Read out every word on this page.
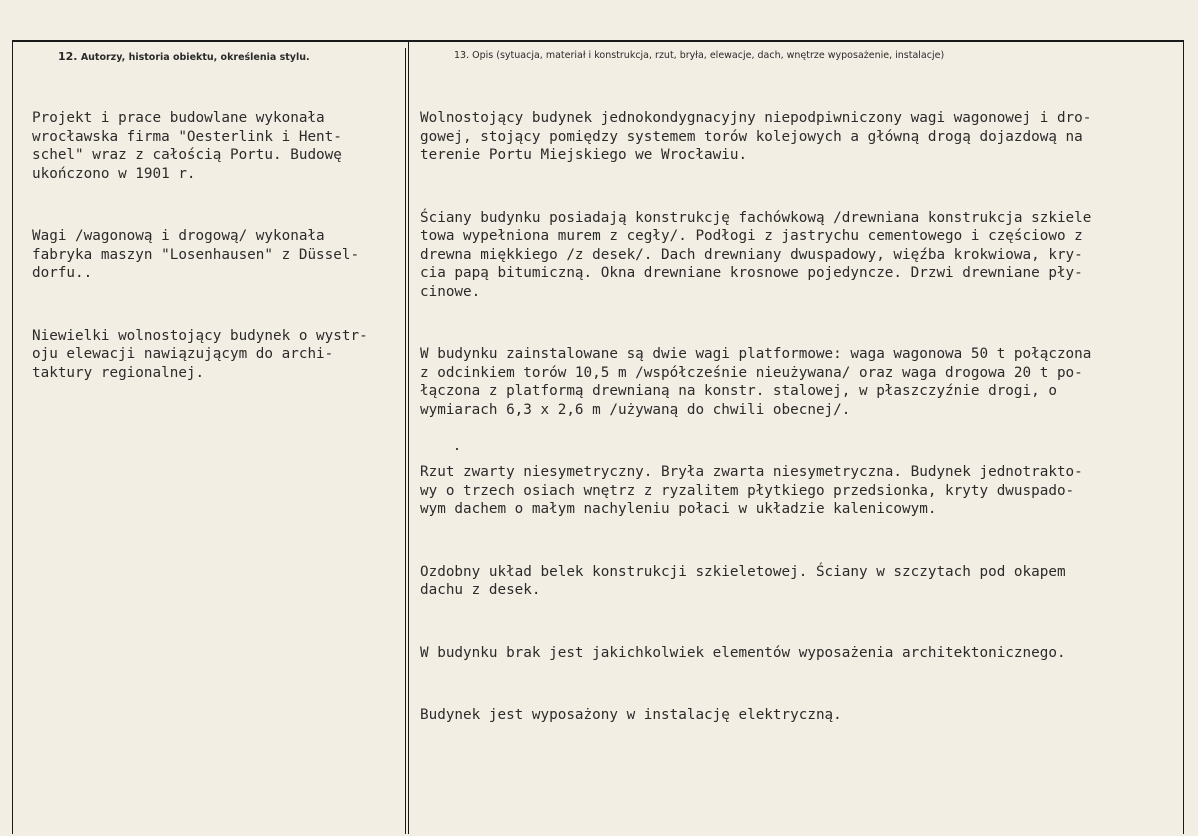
12. Autorzy, historia obiektu, określenia stylu.	13. Opis (sytuacja, materiał i konstrukcja, rzut, bryła, elewacje, dach, wnętrze wyposażenie, instalacje)

Projekt i prace budowlane wykonała
wrocławska firma "Oesterlink i Hent-
schel" wraz z całością Portu. Budowę
ukończono w 1901 r.

Wagi /wagonową i drogową/ wykonała
fabryka maszyn "Losenhausen" z Düssel-
dorfu..

Niewielki wolnostojący budynek o wystr-
oju elewacji nawiązującym do archi-
taktury regionalnej.

Wolnostojący budynek jednokondygnacyjny niepodpiwniczony wagi wagonowej i dro-
gowej, stojący pomiędzy systemem torów kolejowych a główną drogą dojazdową na
terenie Portu Miejskiego we Wrocławiu.

Ściany budynku posiadają konstrukcję fachówkową /drewniana konstrukcja szkiele
towa wypełniona murem z cegły/. Podłogi z jastrychu cementowego i częściowo z
drewna miękkiego /z desek/. Dach drewniany dwuspadowy, więźba krokwiowa, kry-
cia papą bitumiczną. Okna drewniane krosnowe pojedyncze. Drzwi drewniane pły-
cinowe.

W budynku zainstalowane są dwie wagi platformowe: waga wagonowa 50 t połączona
z odcinkiem torów 10,5 m /współcześnie nieużywana/ oraz waga drogowa 20 t po-
łączona z platformą drewnianą na konstr. stalowej, w płaszczyźnie drogi, o
wymiarach 6,3 x 2,6 m /używaną do chwili obecnej/.

Rzut zwarty niesymetryczny. Bryła zwarta niesymetryczna. Budynek jednotrakto-
wy o trzech osiach wnętrz z ryzalitem płytkiego przedsionka, kryty dwuspado-
wym dachem o małym nachyleniu połaci w układzie kalenicowym.

Ozdobny układ belek konstrukcji szkieletowej. Ściany w szczytach pod okapem
dachu z desek.

W budynku brak jest jakichkolwiek elementów wyposażenia architektonicznego.

Budynek jest wyposażony w instalację elektryczną.
